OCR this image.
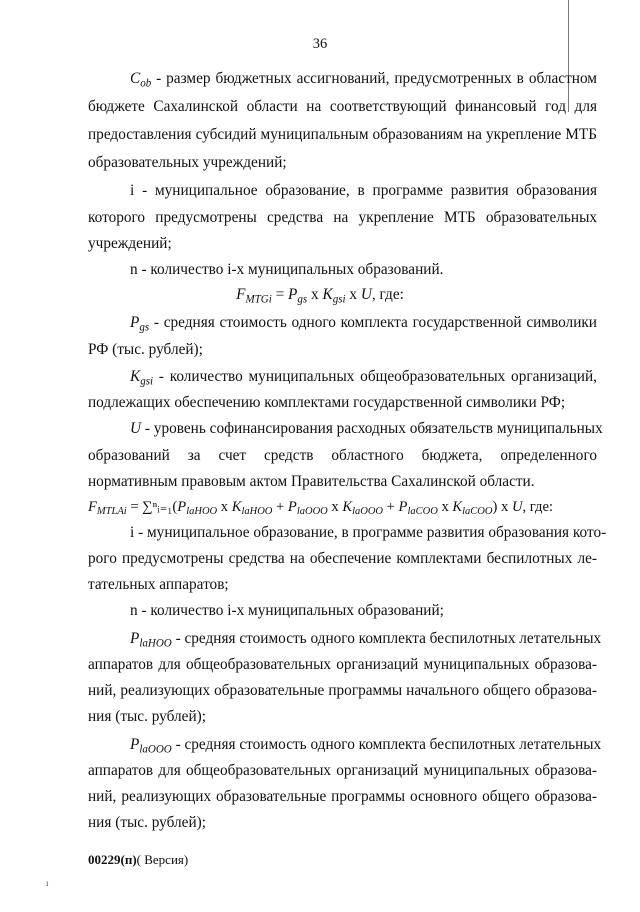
36
$C_{ob}$ - размер бюджетных ассигнований, предусмотренных в областном
бюджете Сахалинской области на соответствующий финансовый год для
предоставления субсидий муниципальным образованиям на укрепление МТБ
образовательных учреждений;
i - муниципальное образование, в программе развития образования
которого предусмотрены средства на укрепление МТБ образовательных
учреждений;
n - количество i-х муниципальных образований.
$F_{MTGi} = P_{gs}$ x $K_{gsi}$ x U, где:
$P_{gs}$ - средняя стоимость одного комплекта государственной символики
РФ (тыс. рублей);
$K_{gsi}$ - количество муниципальных общеобразовательных организаций,
подлежащих обеспечению комплектами государственной символики РФ;
U - уровень софинансирования расходных обязательств муниципальных
образований за счет средств областного бюджета, определенного
нормативным правовым актом Правительства Сахалинской области.
$F_{MTLAi}$ = $\sum^nᵢ_{=1}(P_{laHOO}$ x $K_{laHOO} + P_{laOOO}$ x $K_{laOOO} + P_{laCOO}$ x $K_{laCOO}$) x U, где:
i - муниципальное образование, в программе развития образования кото-
рого предусмотрены средства на обеспечение комплектами беспилотных ле-
тательных аппаратов;
n - количество i-х муниципальных образований;
$P_{laHOO}$ - средняя стоимость одного комплекта беспилотных летательных
аппаратов для общеобразовательных организаций муниципальных образова-
ний, реализующих образовательные программы начального общего образова-
ния (тыс. рублей);
$P_{laOOO}$ - средняя стоимость одного комплекта беспилотных летательных
аппаратов для общеобразовательных организаций муниципальных образова-
ний, реализующих образовательные программы основного общего образова-
ния (тыс. рублей);
00229(п)( Версия)
ı
